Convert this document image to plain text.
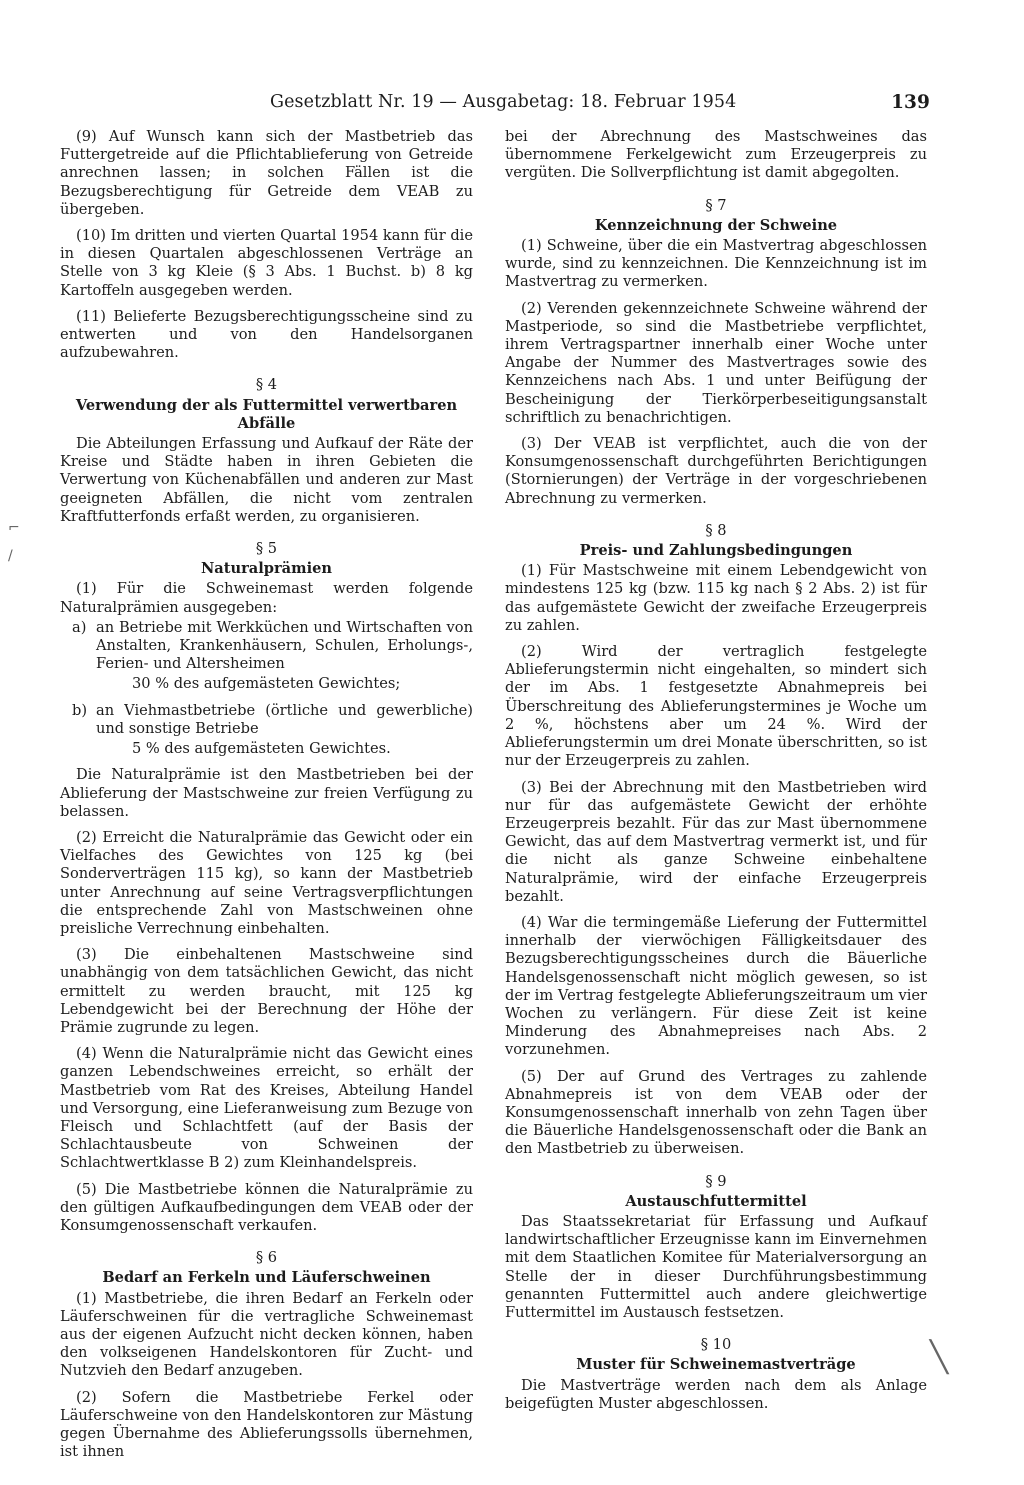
Gesetzblatt Nr. 19 — Ausgabetag: 18. Februar 1954	139
⌐
/
╲

(9) Auf Wunsch kann sich der Mastbetrieb das Futtergetreide auf die Pflichtablieferung von Getreide anrechnen lassen; in solchen Fällen ist die Bezugsberechtigung für Getreide dem VEAB zu übergeben.

(10) Im dritten und vierten Quartal 1954 kann für die in diesen Quartalen abgeschlossenen Verträge an Stelle von 3 kg Kleie (§ 3 Abs. 1 Buchst. b) 8 kg Kartoffeln ausgegeben werden.

(11) Belieferte Bezugsberechtigungsscheine sind zu entwerten und von den Handelsorganen aufzubewahren.

§ 4
Verwendung der als Futtermittel verwertbaren Abfälle

Die Abteilungen Erfassung und Aufkauf der Räte der Kreise und Städte haben in ihren Gebieten die Verwertung von Küchenabfällen und anderen zur Mast geeigneten Abfällen, die nicht vom zentralen Kraftfutterfonds erfaßt werden, zu organisieren.

§ 5
Naturalprämien

(1) Für die Schweinemast werden folgende Naturalprämien ausgegeben:

a) an Betriebe mit Werkküchen und Wirtschaften von Anstalten, Krankenhäusern, Schulen, Erholungs-, Ferien- und Altersheimen
30 % des aufgemästeten Gewichtes;
b) an Viehmastbetriebe (örtliche und gewerbliche) und sonstige Betriebe
5 % des aufgemästeten Gewichtes.

Die Naturalprämie ist den Mastbetrieben bei der Ablieferung der Mastschweine zur freien Verfügung zu belassen.

(2) Erreicht die Naturalprämie das Gewicht oder ein Vielfaches des Gewichtes von 125 kg (bei Sonderverträgen 115 kg), so kann der Mastbetrieb unter Anrechnung auf seine Vertragsverpflichtungen die entsprechende Zahl von Mastschweinen ohne preisliche Verrechnung einbehalten.

(3) Die einbehaltenen Mastschweine sind unabhängig von dem tatsächlichen Gewicht, das nicht ermittelt zu werden braucht, mit 125 kg Lebendgewicht bei der Berechnung der Höhe der Prämie zugrunde zu legen.

(4) Wenn die Naturalprämie nicht das Gewicht eines ganzen Lebendschweines erreicht, so erhält der Mastbetrieb vom Rat des Kreises, Abteilung Handel und Versorgung, eine Lieferanweisung zum Bezuge von Fleisch und Schlachtfett (auf der Basis der Schlachtausbeute von Schweinen der Schlachtwertklasse B 2) zum Kleinhandelspreis.

(5) Die Mastbetriebe können die Naturalprämie zu den gültigen Aufkaufbedingungen dem VEAB oder der Konsumgenossenschaft verkaufen.

§ 6
Bedarf an Ferkeln und Läuferschweinen

(1) Mastbetriebe, die ihren Bedarf an Ferkeln oder Läuferschweinen für die vertragliche Schweinemast aus der eigenen Aufzucht nicht decken können, haben den volkseigenen Handelskontoren für Zucht- und Nutzvieh den Bedarf anzugeben.

(2) Sofern die Mastbetriebe Ferkel oder Läuferschweine von den Handelskontoren zur Mästung gegen Übernahme des Ablieferungssolls übernehmen, ist ihnen

bei der Abrechnung des Mastschweines das übernommene Ferkelgewicht zum Erzeugerpreis zu vergüten. Die Sollverpflichtung ist damit abgegolten.

§ 7
Kennzeichnung der Schweine

(1) Schweine, über die ein Mastvertrag abgeschlossen wurde, sind zu kennzeichnen. Die Kennzeichnung ist im Mastvertrag zu vermerken.

(2) Verenden gekennzeichnete Schweine während der Mastperiode, so sind die Mastbetriebe verpflichtet, ihrem Vertragspartner innerhalb einer Woche unter Angabe der Nummer des Mastvertrages sowie des Kennzeichens nach Abs. 1 und unter Beifügung der Bescheinigung der Tierkörperbeseitigungsanstalt schriftlich zu benachrichtigen.

(3) Der VEAB ist verpflichtet, auch die von der Konsumgenossenschaft durchgeführten Berichtigungen (Stornierungen) der Verträge in der vorgeschriebenen Abrechnung zu vermerken.

§ 8
Preis- und Zahlungsbedingungen

(1) Für Mastschweine mit einem Lebendgewicht von mindestens 125 kg (bzw. 115 kg nach § 2 Abs. 2) ist für das aufgemästete Gewicht der zweifache Erzeugerpreis zu zahlen.

(2) Wird der vertraglich festgelegte Ablieferungstermin nicht eingehalten, so mindert sich der im Abs. 1 festgesetzte Abnahmepreis bei Überschreitung des Ablieferungstermines je Woche um 2 %, höchstens aber um 24 %. Wird der Ablieferungstermin um drei Monate überschritten, so ist nur der Erzeugerpreis zu zahlen.

(3) Bei der Abrechnung mit den Mastbetrieben wird nur für das aufgemästete Gewicht der erhöhte Erzeugerpreis bezahlt. Für das zur Mast übernommene Gewicht, das auf dem Mastvertrag vermerkt ist, und für die nicht als ganze Schweine einbehaltene Naturalprämie, wird der einfache Erzeugerpreis bezahlt.

(4) War die termingemäße Lieferung der Futtermittel innerhalb der vierwöchigen Fälligkeitsdauer des Bezugsberechtigungsscheines durch die Bäuerliche Handelsgenossenschaft nicht möglich gewesen, so ist der im Vertrag festgelegte Ablieferungszeitraum um vier Wochen zu verlängern. Für diese Zeit ist keine Minderung des Abnahmepreises nach Abs. 2 vorzunehmen.

(5) Der auf Grund des Vertrages zu zahlende Abnahmepreis ist von dem VEAB oder der Konsumgenossenschaft innerhalb von zehn Tagen über die Bäuerliche Handelsgenossenschaft oder die Bank an den Mastbetrieb zu überweisen.

§ 9
Austauschfuttermittel

Das Staatssekretariat für Erfassung und Aufkauf landwirtschaftlicher Erzeugnisse kann im Einvernehmen mit dem Staatlichen Komitee für Materialversorgung an Stelle der in dieser Durchführungsbestimmung genannten Futtermittel auch andere gleichwertige Futtermittel im Austausch festsetzen.

§ 10
Muster für Schweinemastverträge

Die Mastverträge werden nach dem als Anlage beigefügten Muster abgeschlossen.
